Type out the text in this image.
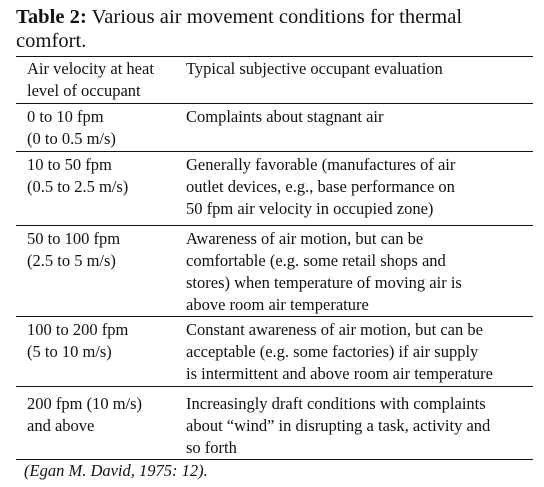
Table 2: Various air movement conditions for thermal comfort.
Air velocity at heat
level of occupant
Typical subjective occupant evaluation
0 to 10 fpm
(0 to 0.5 m/s)
Complaints about stagnant air
10 to 50 fpm
(0.5 to 2.5 m/s)
Generally favorable (manufactures of air
outlet devices, e.g., base performance on
50 fpm air velocity in occupied zone)
50 to 100 fpm
(2.5 to 5 m/s)
Awareness of air motion, but can be
comfortable (e.g. some retail shops and
stores) when temperature of moving air is
above room air temperature
100 to 200 fpm
(5 to 10 m/s)
Constant awareness of air motion, but can be
acceptable (e.g. some factories) if air supply
is intermittent and above room air temperature
200 fpm (10 m/s)
and above
Increasingly draft conditions with complaints
about “wind” in disrupting a task, activity and
so forth
(Egan M. David, 1975: 12).
